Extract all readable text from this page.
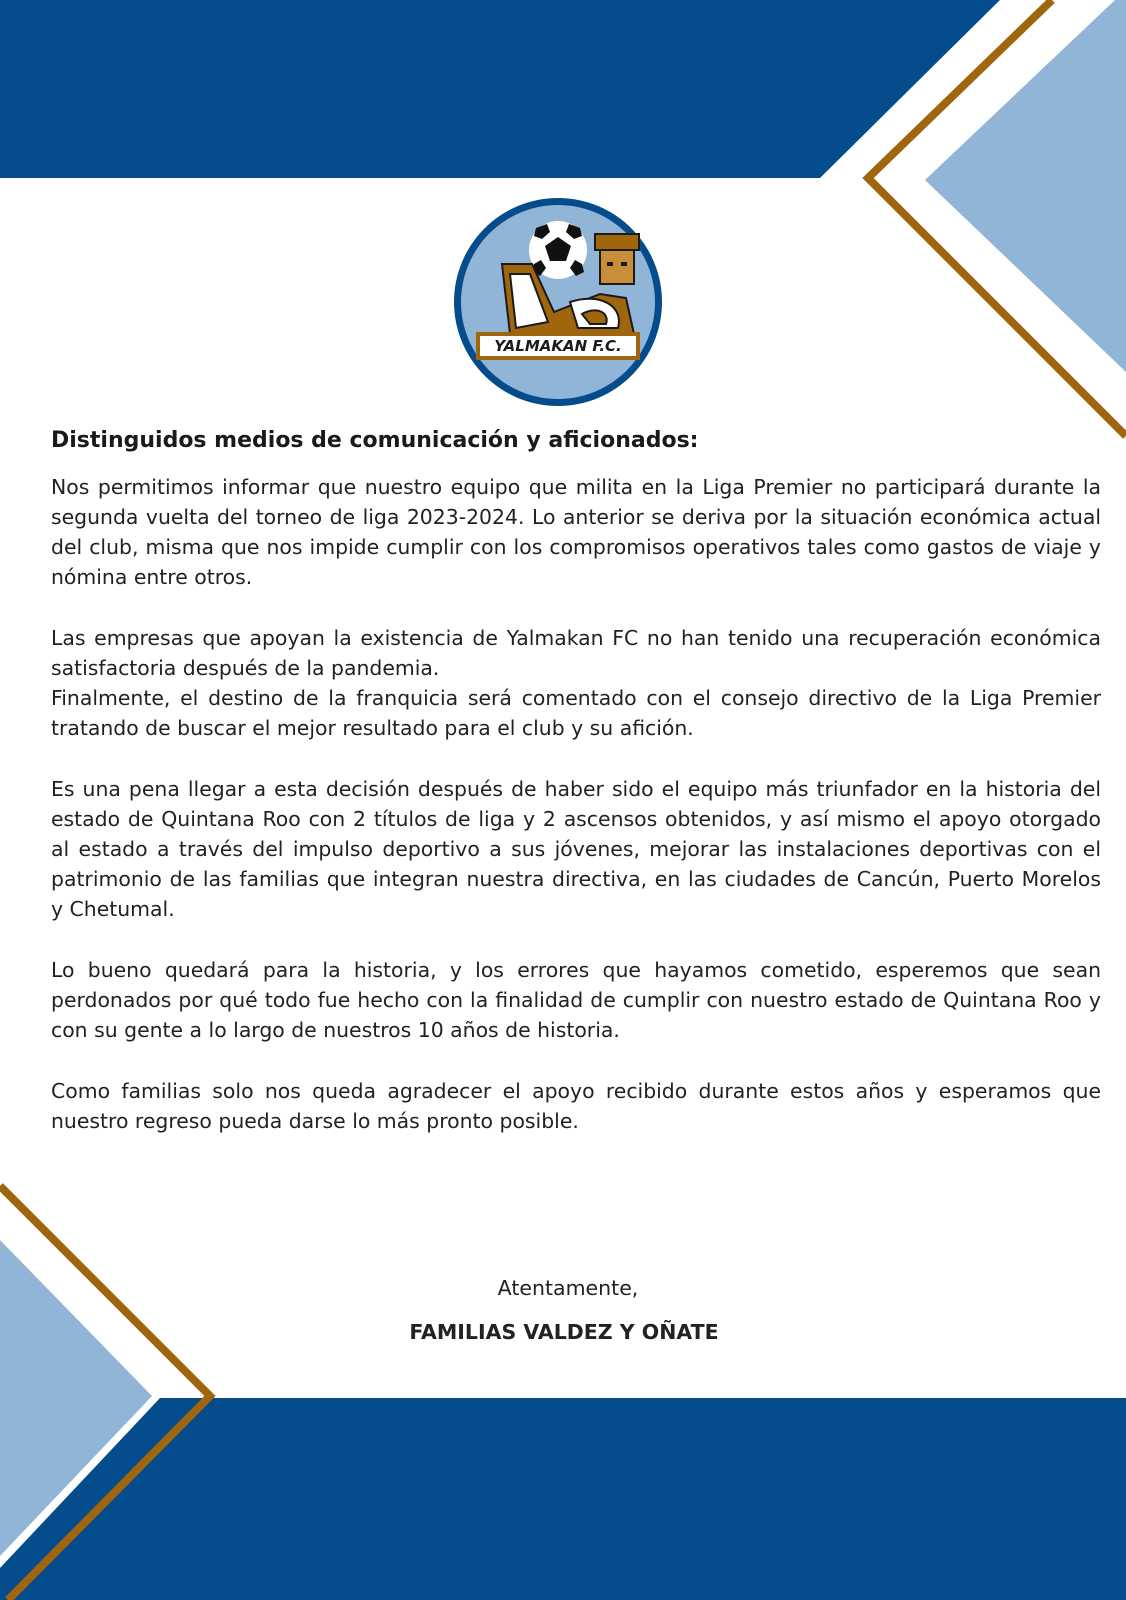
YALMAKAN F.C.
Distinguidos medios de comunicación y aficionados:

Nos permitimos informar que nuestro equipo que milita en la Liga Premier no participará durante la segunda vuelta del torneo de liga 2023-2024. Lo anterior se deriva por la situación económica actual del club, misma que nos impide cumplir con los compromisos operativos tales como gastos de viaje y nómina entre otros.

Las empresas que apoyan la existencia de Yalmakan FC no han tenido una recuperación económica satisfactoria después de la pandemia.

Finalmente, el destino de la franquicia será comentado con el consejo directivo de la Liga Premier tratando de buscar el mejor resultado para el club y su afición.

Es una pena llegar a esta decisión después de haber sido el equipo más triunfador en la historia del estado de Quintana Roo con 2 títulos de liga y 2 ascensos obtenidos, y así mismo el apoyo otorgado al estado a través del impulso deportivo a sus jóvenes, mejorar las instalaciones deportivas con el patrimonio de las familias que integran nuestra directiva, en las ciudades de Cancún, Puerto Morelos y Chetumal.

Lo bueno quedará para la historia, y los errores que hayamos cometido, esperemos que sean perdonados por qué todo fue hecho con la finalidad de cumplir con nuestro estado de Quintana Roo y con su gente a lo largo de nuestros 10 años de historia.

Como familias solo nos queda agradecer el apoyo recibido durante estos años y esperamos que nuestro regreso pueda darse lo más pronto posible.

Atentamente,
FAMILIAS VALDEZ Y OÑATE
